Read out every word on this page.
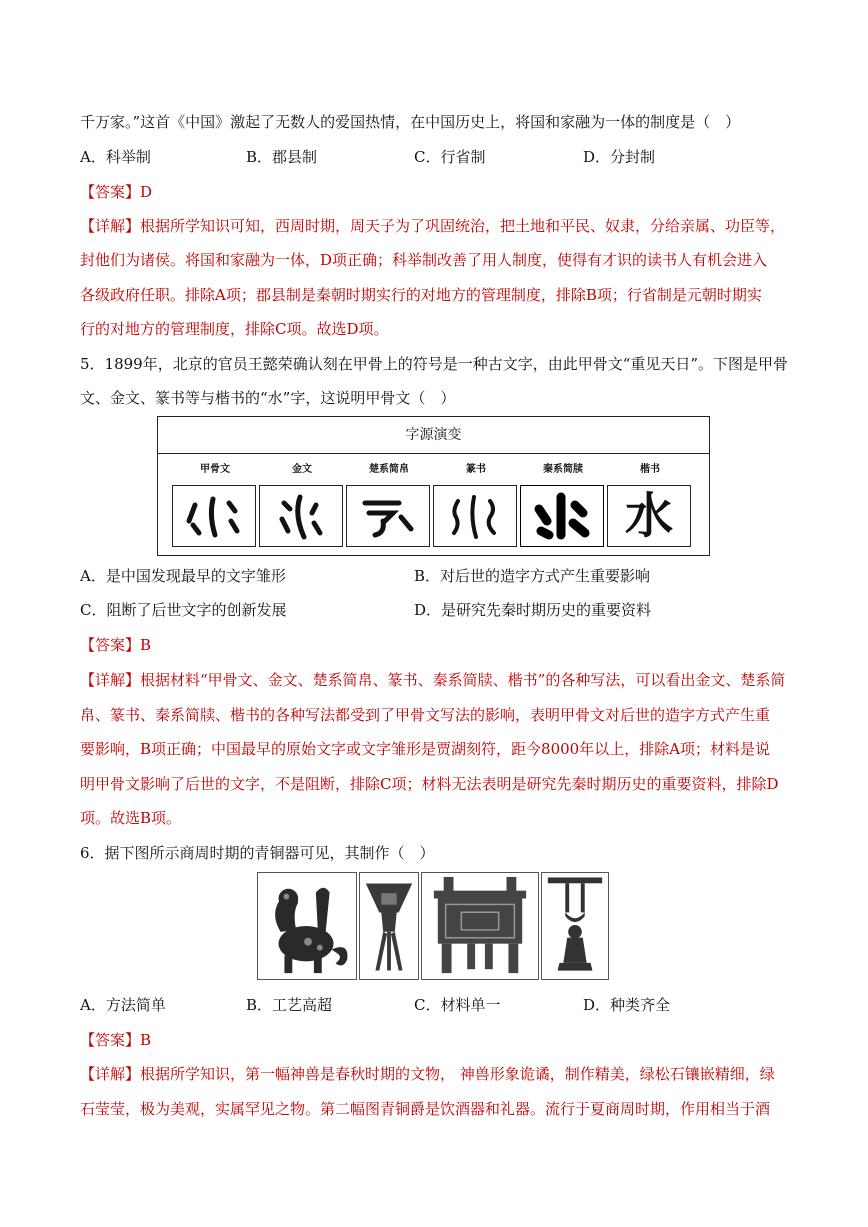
千万家。”这首《中国》激起了无数人的爱国热情，在中国历史上，将国和家融为一体的制度是（　）
A．科举制	B．郡县制	C．行省制	D．分封制
【答案】D
【详解】根据所学知识可知，西周时期，周天子为了巩固统治，把土地和平民、奴隶，分给亲属、功臣等，
封他们为诸侯。将国和家融为一体，D项正确；科举制改善了用人制度，使得有才识的读书人有机会进入
各级政府任职。排除A项；郡县制是秦朝时期实行的对地方的管理制度，排除B项；行省制是元朝时期实
行的对地方的管理制度，排除C项。故选D项。
5．1899年，北京的官员王懿荣确认刻在甲骨上的符号是一种古文字，由此甲骨文“重见天日”。下图是甲骨
文、金文、篆书等与楷书的“水”字，这说明甲骨文（　）
字源演变
甲骨文	金文	楚系简帛	篆书	秦系简牍	楷书
水
A．是中国发现最早的文字雏形	B．对后世的造字方式产生重要影响
C．阻断了后世文字的创新发展	D．是研究先秦时期历史的重要资料
【答案】B
【详解】根据材料“甲骨文、金文、楚系简帛、篆书、秦系简牍、楷书”的各种写法，可以看出金文、楚系简
帛、篆书、秦系简牍、楷书的各种写法都受到了甲骨文写法的影响，表明甲骨文对后世的造字方式产生重
要影响，B项正确；中国最早的原始文字或文字雏形是贾湖刻符，距今8000年以上，排除A项；材料是说
明甲骨文影响了后世的文字，不是阻断，排除C项；材料无法表明是研究先秦时期历史的重要资料，排除D
项。故选B项。
6．据下图所示商周时期的青铜器可见，其制作（　）
A．方法简单	B．工艺高超	C．材料单一	D．种类齐全
【答案】B
【详解】根据所学知识，第一幅神兽是春秋时期的文物， 神兽形象诡谲，制作精美，绿松石镶嵌精细，绿
石莹莹，极为美观，实属罕见之物。第二幅图青铜爵是饮酒器和礼器。流行于夏商周时期，作用相当于酒
